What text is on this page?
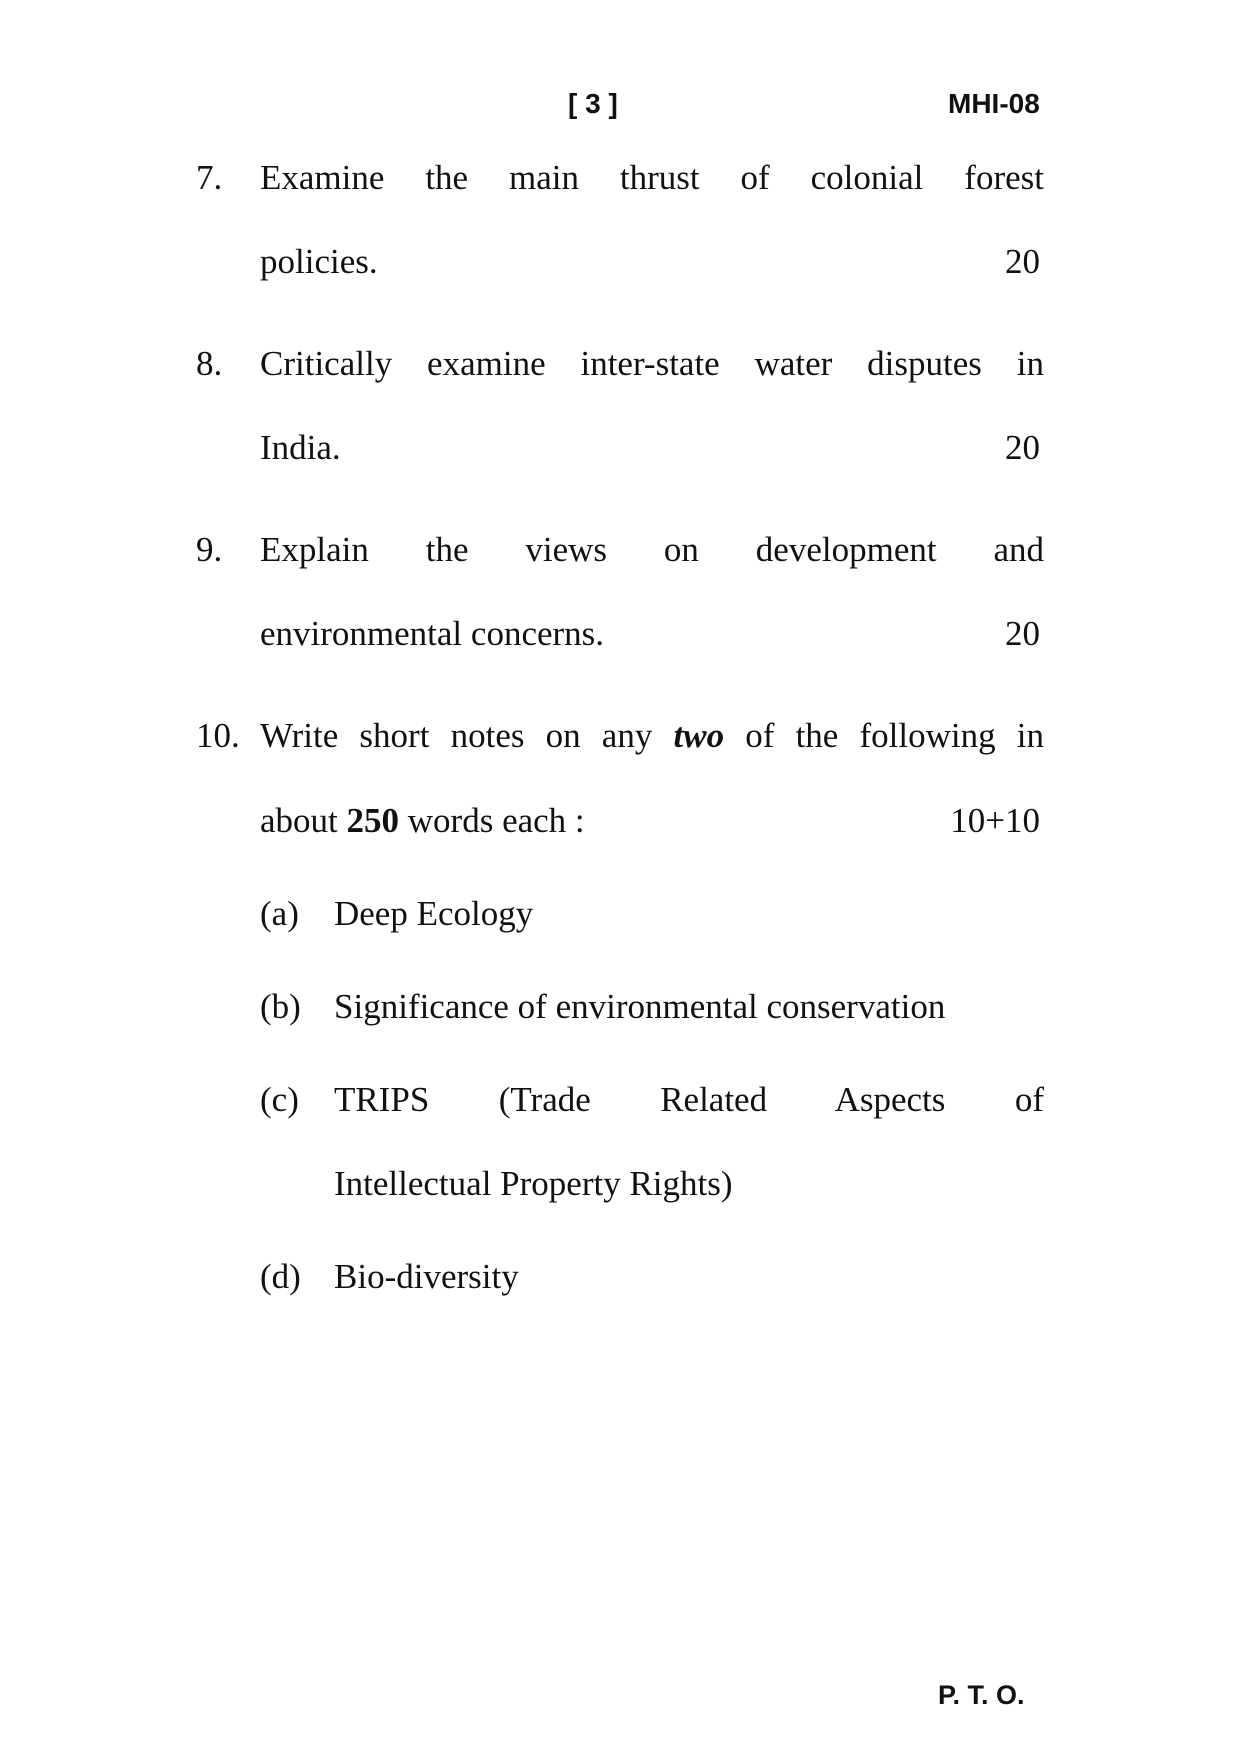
[ 3 ]	MHI-08
7. Examine the main thrust of colonial forest
policies.	20
8. Critically examine inter-state water disputes in
India.	20
9. Explain the views on development and
environmental concerns.	20
10. Write short notes on any two of the following in
about 250 words each :	10+10
(a) Deep Ecology
(b) Significance of environmental conservation
(c) TRIPS (Trade Related Aspects of
Intellectual Property Rights)
(d) Bio-diversity
P. T. O.
